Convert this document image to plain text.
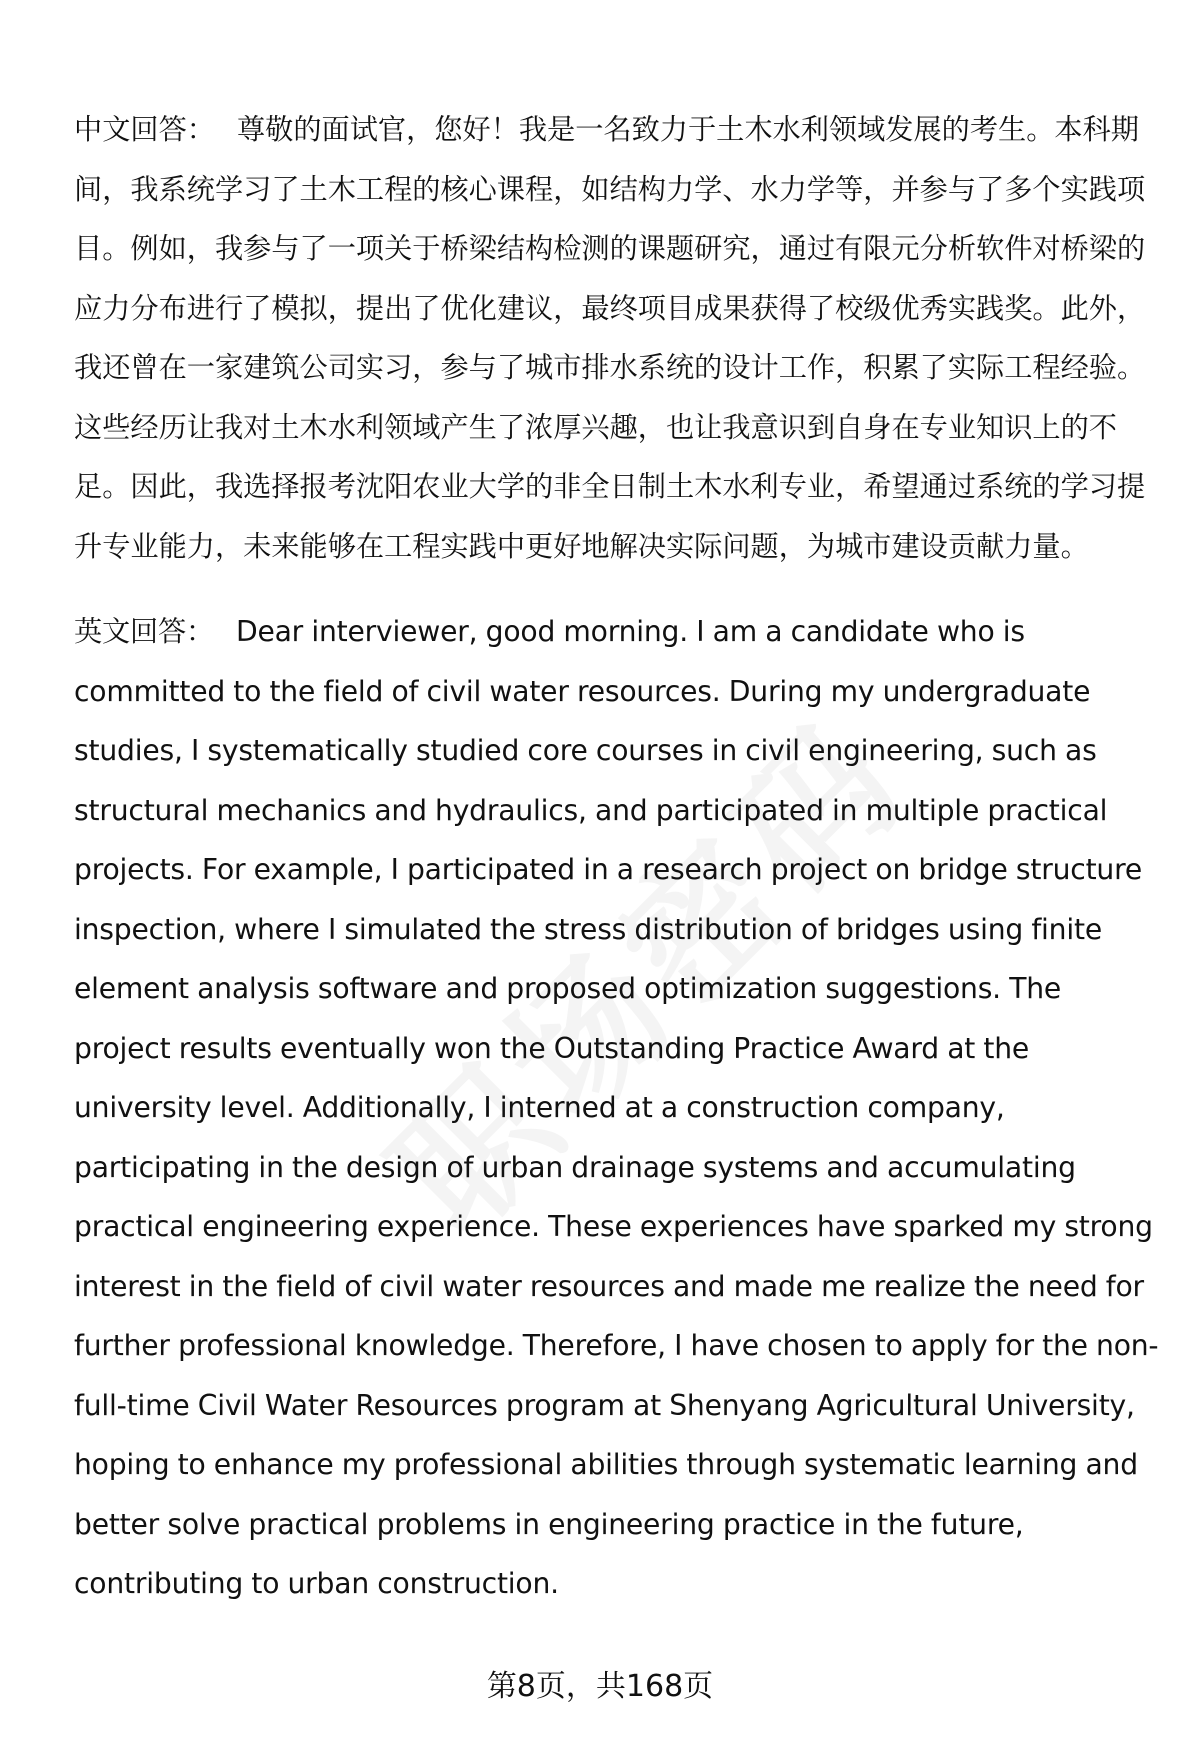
中文回答： 尊敬的面试官，您好！我是一名致力于土木水利领域发展的考生。本科期间，我系统学习了土木工程的核心课程，如结构力学、水力学等，并参与了多个实践项目。例如，我参与了一项关于桥梁结构检测的课题研究，通过有限元分析软件对桥梁的应力分布进行了模拟，提出了优化建议，最终项目成果获得了校级优秀实践奖。此外，我还曾在一家建筑公司实习，参与了城市排水系统的设计工作，积累了实际工程经验。这些经历让我对土木水利领域产生了浓厚兴趣，也让我意识到自身在专业知识上的不足。因此，我选择报考沈阳农业大学的非全日制土木水利专业，希望通过系统的学习提升专业能力，未来能够在工程实践中更好地解决实际问题，为城市建设贡献力量。

英文回答： Dear interviewer, good morning. I am a candidate who is committed to the field of civil water resources. During my undergraduate studies, I systematically studied core courses in civil engineering, such as structural mechanics and hydraulics, and participated in multiple practical projects. For example, I participated in a research project on bridge structure inspection, where I simulated the stress distribution of bridges using finite element analysis software and proposed optimization suggestions. The project results eventually won the Outstanding Practice Award at the university level. Additionally, I interned at a construction company, participating in the design of urban drainage systems and accumulating practical engineering experience. These experiences have sparked my strong interest in the field of civil water resources and made me realize the need for further professional knowledge. Therefore, I have chosen to apply for the non-full-time Civil Water Resources program at Shenyang Agricultural University, hoping to enhance my professional abilities through systematic learning and better solve practical problems in engineering practice in the future, contributing to urban construction.

第8页，共168页
